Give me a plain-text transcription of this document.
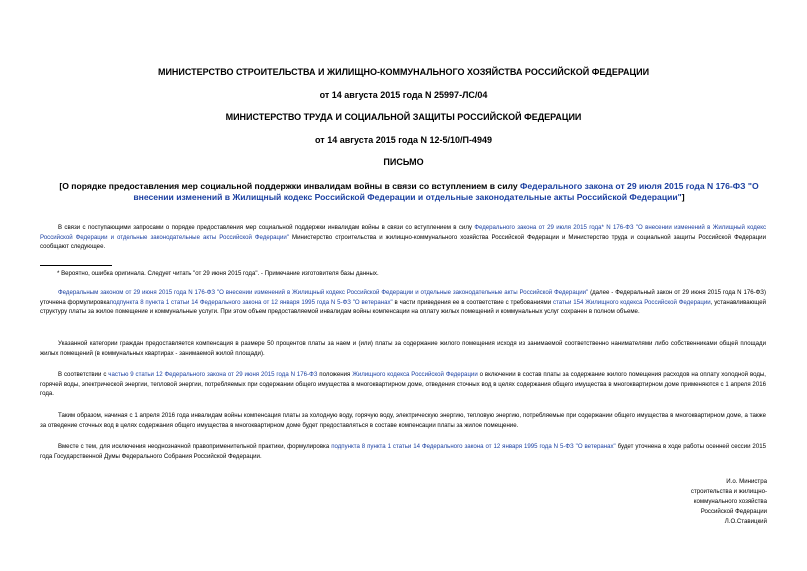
МИНИСТЕРСТВО СТРОИТЕЛЬСТВА И ЖИЛИЩНО-КОММУНАЛЬНОГО ХОЗЯЙСТВА РОССИЙСКОЙ ФЕДЕРАЦИИ
от 14 августа 2015 года N 25997-ЛС/04
МИНИСТЕРСТВО ТРУДА И СОЦИАЛЬНОЙ ЗАЩИТЫ РОССИЙСКОЙ ФЕДЕРАЦИИ
от 14 августа 2015 года N 12-5/10/П-4949
ПИСЬМО
[О порядке предоставления мер социальной поддержки инвалидам войны в связи со вступлением в силу Федерального закона от 29 июля 2015 года N 176-ФЗ "О внесении изменений в Жилищный кодекс Российской Федерации и отдельные законодательные акты Российской Федерации"]
В связи с поступающими запросами о порядке предоставления мер социальной поддержки инвалидам войны в связи со вступлением в силу Федерального закона от 29 июля 2015 года* N 176-ФЗ "О внесении изменений в Жилищный кодекс Российской Федерации и отдельные законодательные акты Российской Федерации" Министерство строительства и жилищно-коммунального хозяйства Российской Федерации и Министерство труда и социальной защиты Российской Федерации сообщают следующее.
* Вероятно, ошибка оригинала. Следует читать "от 29 июня 2015 года". - Примечание изготовителя базы данных.
Федеральным законом от 29 июня 2015 года N 176-ФЗ "О внесении изменений в Жилищный кодекс Российской Федерации и отдельные законодательные акты Российской Федерации" (далее - Федеральный закон от 29 июня 2015 года N 176-ФЗ) уточнена формулировкаподпункта 8 пункта 1 статьи 14 Федерального закона от 12 января 1995 года N 5-ФЗ "О ветеранах" в части приведения ее в соответствие с требованиями статьи 154 Жилищного кодекса Российской Федерации, устанавливающей структуру платы за жилое помещение и коммунальные услуги. При этом объем предоставляемой инвалидам войны компенсации на оплату жилых помещений и коммунальных услуг сохранен в полном объеме.
Указанной категории граждан предоставляется компенсация в размере 50 процентов платы за наем и (или) платы за содержание жилого помещения исходя из занимаемой соответственно нанимателями либо собственниками общей площади жилых помещений (в коммунальных квартирах - занимаемой жилой площади).
В соответствии с частью 9 статьи 12 Федерального закона от 29 июня 2015 года N 176-ФЗ положения Жилищного кодекса Российской Федерации о включении в состав платы за содержание жилого помещения расходов на оплату холодной воды, горячей воды, электрической энергии, тепловой энергии, потребляемых при содержании общего имущества в многоквартирном доме, отведения сточных вод в целях содержания общего имущества в многоквартирном доме применяются с 1 апреля 2016 года.
Таким образом, начиная с 1 апреля 2016 года инвалидам войны компенсация платы за холодную воду, горячую воду, электрическую энергию, тепловую энергию, потребляемые при содержании общего имущества в многоквартирном доме, а также за отведение сточных вод в целях содержания общего имущества в многоквартирном доме будет предоставляться в составе компенсации платы за жилое помещение.
Вместе с тем, для исключения неоднозначной правоприменительной практики, формулировка подпункта 8 пункта 1 статьи 14 Федерального закона от 12 января 1995 года N 5-ФЗ "О ветеранах" будет уточнена в ходе работы осенней сессии 2015 года Государственной Думы Федерального Собрания Российской Федерации.
И.о. Министра
строительства и жилищно-
коммунального хозяйства
Российской Федерации
Л.О.Ставицкий
